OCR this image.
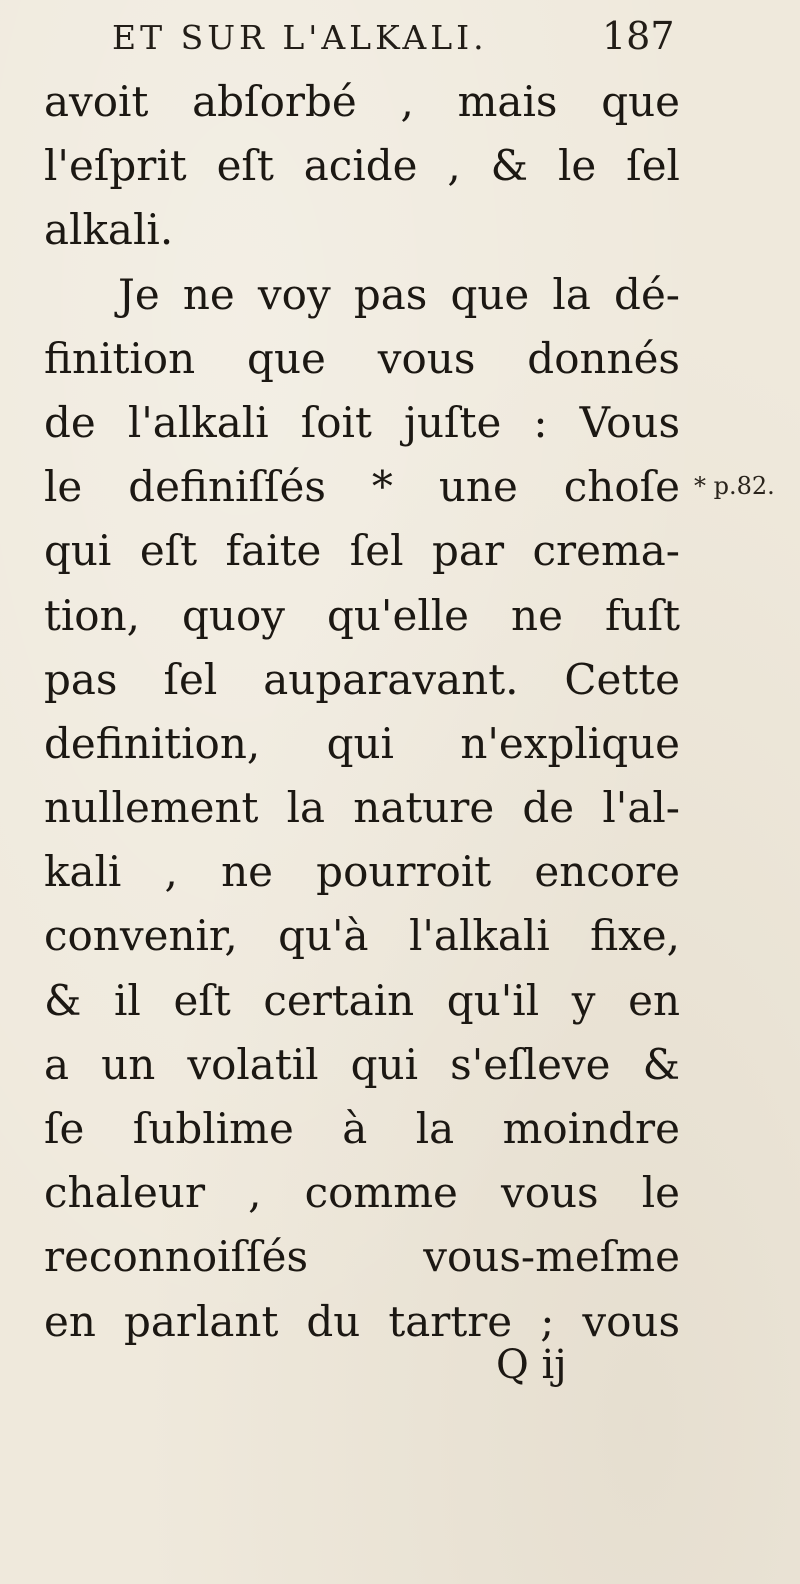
ET SUR L'ALKALI.	187
avoit abſorbé , mais que
l'eſprit eſt acide , & le ſel
alkali.
Je ne voy pas que la dé-
finition que vous donnés
de l'alkali ſoit juſte : Vous
le definiſſés * une choſe
qui eſt faite ſel par crema-
tion, quoy qu'elle ne fuſt
pas ſel auparavant. Cette
definition, qui n'explique
nullement la nature de l'al-
kali , ne pourroit encore
convenir, qu'à l'alkali fixe,
& il eſt certain qu'il y en
a un volatil qui s'eſleve &
ſe ſublime à la moindre
chaleur , comme vous le
reconnoiſſés vous-meſme
en parlant du tartre ; vous
* p.82.
Q ij
